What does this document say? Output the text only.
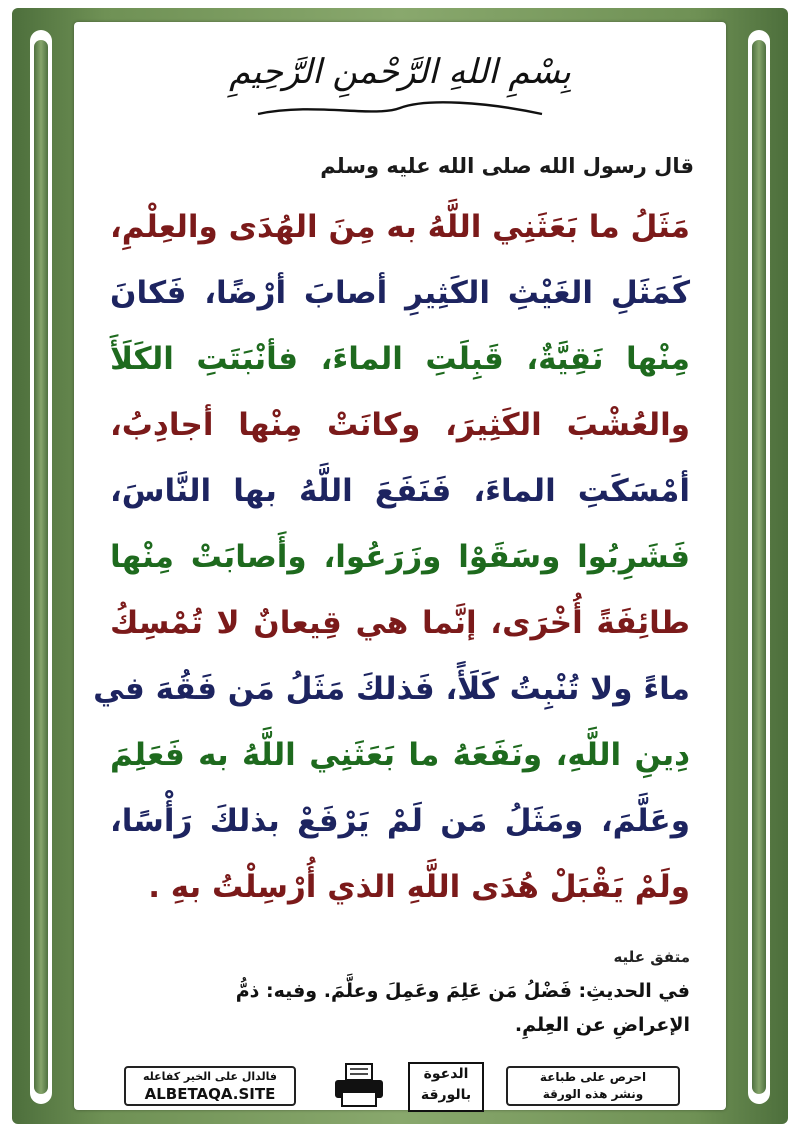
بِسْمِ اللهِ الرَّحْمنِ الرَّحِيمِ
قال رسول الله صلى الله عليه وسلم
مَثَلُ ما بَعَثَنِي اللَّهُ به مِنَ الهُدَى والعِلْمِ،
كَمَثَلِ الغَيْثِ الكَثِيرِ أصابَ أرْضًا، فَكانَ
مِنْها نَقِيَّةٌ، قَبِلَتِ الماءَ، فأنْبَتَتِ الكَلَأَ
والعُشْبَ الكَثِيرَ، وكانَتْ مِنْها أجادِبُ،
أمْسَكَتِ الماءَ، فَنَفَعَ اللَّهُ بها النَّاسَ،
فَشَرِبُوا وسَقَوْا وزَرَعُوا، وأَصابَتْ مِنْها
طائِفَةً أُخْرَى، إنَّما هي قِيعانٌ لا تُمْسِكُ
ماءً ولا تُنْبِتُ كَلَأً، فَذلكَ مَثَلُ مَن فَقُهَ في
دِينِ اللَّهِ، ونَفَعَهُ ما بَعَثَنِي اللَّهُ به فَعَلِمَ
وعَلَّمَ، ومَثَلُ مَن لَمْ يَرْفَعْ بذلكَ رَأْسًا،
ولَمْ يَقْبَلْ هُدَى اللَّهِ الذي أُرْسِلْتُ بهِ .
متفق عليه
في الحديثِ: فَضْلُ مَن عَلِمَ وعَمِلَ وعلَّمَ. وفيه: ذمُّ
الإعراضِ عن العِلمِ.
فالدال على الخير كفاعله
ALBETAQA.SITE
الدعوة
بالورقة
احرص على طباعة
ونشر هذه الورقة
